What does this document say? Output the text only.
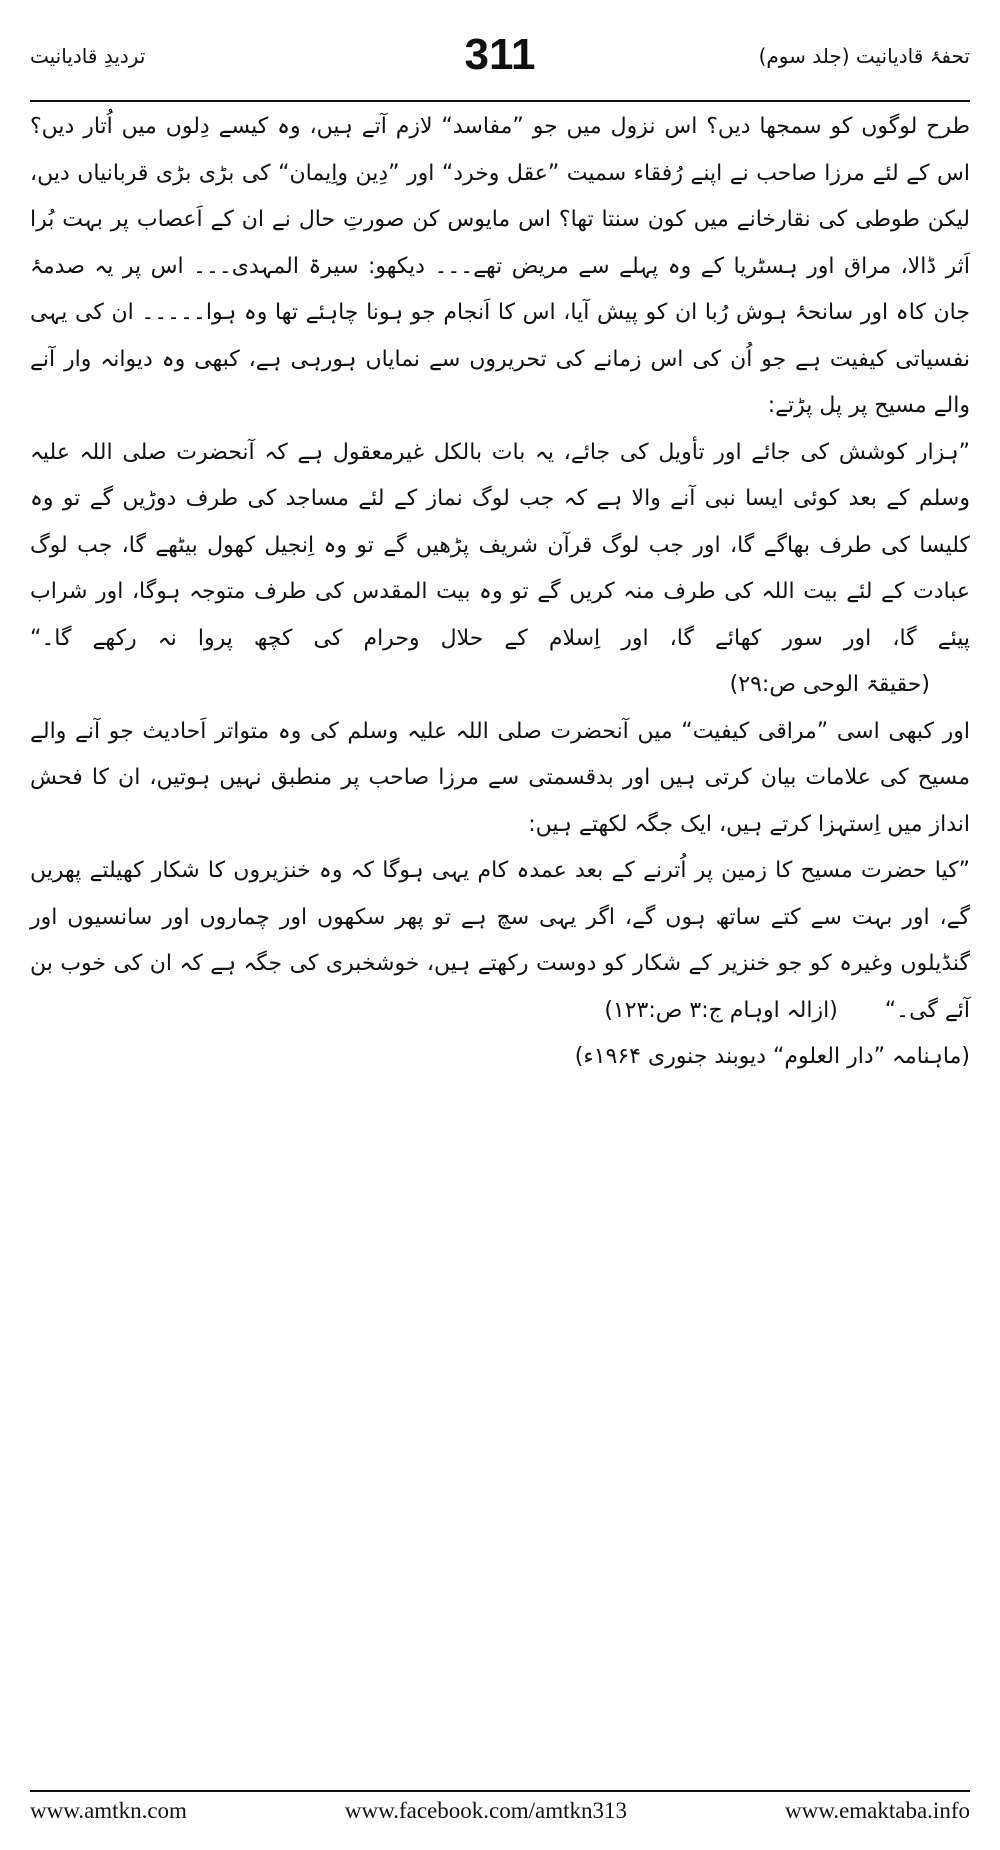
تردیدِ قادیانیت	311	تحفۂ قادیانیت (جلد سوم)

طرح لوگوں کو سمجھا دیں؟ اس نزول میں جو ”مفاسد“ لازم آتے ہیں، وہ کیسے دِلوں میں اُتار دیں؟ اس کے لئے مرزا صاحب نے اپنے رُفقاء سمیت ”عقل وخرد“ اور ”دِین واِیمان“ کی بڑی بڑی قربانیاں دیں، لیکن طوطی کی نقارخانے میں کون سنتا تھا؟ اس مایوس کن صورتِ حال نے ان کے اَعصاب پر بہت بُرا اَثر ڈالا، مراق اور ہسٹریا کے وہ پہلے سے مریض تھے۔۔۔ دیکھو: سیرۃ المہدی۔۔۔ اس پر یہ صدمۂ جان کاہ اور سانحۂ ہوش رُبا ان کو پیش آیا، اس کا اَنجام جو ہونا چاہئے تھا وہ ہوا۔۔۔۔۔ ان کی یہی نفسیاتی کیفیت ہے جو اُن کی اس زمانے کی تحریروں سے نمایاں ہورہی ہے، کبھی وہ دیوانہ وار آنے والے مسیح پر پل پڑتے:

”ہزار کوشش کی جائے اور تأویل کی جائے، یہ بات بالکل غیرمعقول ہے کہ آنحضرت صلی اللہ علیہ وسلم کے بعد کوئی ایسا نبی آنے والا ہے کہ جب لوگ نماز کے لئے مساجد کی طرف دوڑیں گے تو وہ کلیسا کی طرف بھاگے گا، اور جب لوگ قرآن شریف پڑھیں گے تو وہ اِنجیل کھول بیٹھے گا، جب لوگ عبادت کے لئے بیت اللہ کی طرف منہ کریں گے تو وہ بیت المقدس کی طرف متوجہ ہوگا، اور شراب پیئے گا، اور سور کھائے گا، اور اِسلام کے حلال وحرام کی کچھ پروا نہ رکھے گا۔“ (حقیقۃ الوحی ص:۲۹)

اور کبھی اسی ”مراقی کیفیت“ میں آنحضرت صلی اللہ علیہ وسلم کی وہ متواتر اَحادیث جو آنے والے مسیح کی علامات بیان کرتی ہیں اور بدقسمتی سے مرزا صاحب پر منطبق نہیں ہوتیں، ان کا فحش انداز میں اِستہزا کرتے ہیں، ایک جگہ لکھتے ہیں:

”کیا حضرت مسیح کا زمین پر اُترنے کے بعد عمدہ کام یہی ہوگا کہ وہ خنزیروں کا شکار کھیلتے پھریں گے، اور بہت سے کتے ساتھ ہوں گے، اگر یہی سچ ہے تو پھر سکھوں اور چماروں اور سانسیوں اور گنڈیلوں وغیرہ کو جو خنزیر کے شکار کو دوست رکھتے ہیں، خوشخبری کی جگہ ہے کہ ان کی خوب بن آئے گی۔“ (ازالہ اوہام ج:۳ ص:۱۲۳)

(ماہنامہ ”دار العلوم“ دیوبند جنوری ۱۹۶۴ء)

www.amtkn.com	www.facebook.com/amtkn313	www.emaktaba.info
